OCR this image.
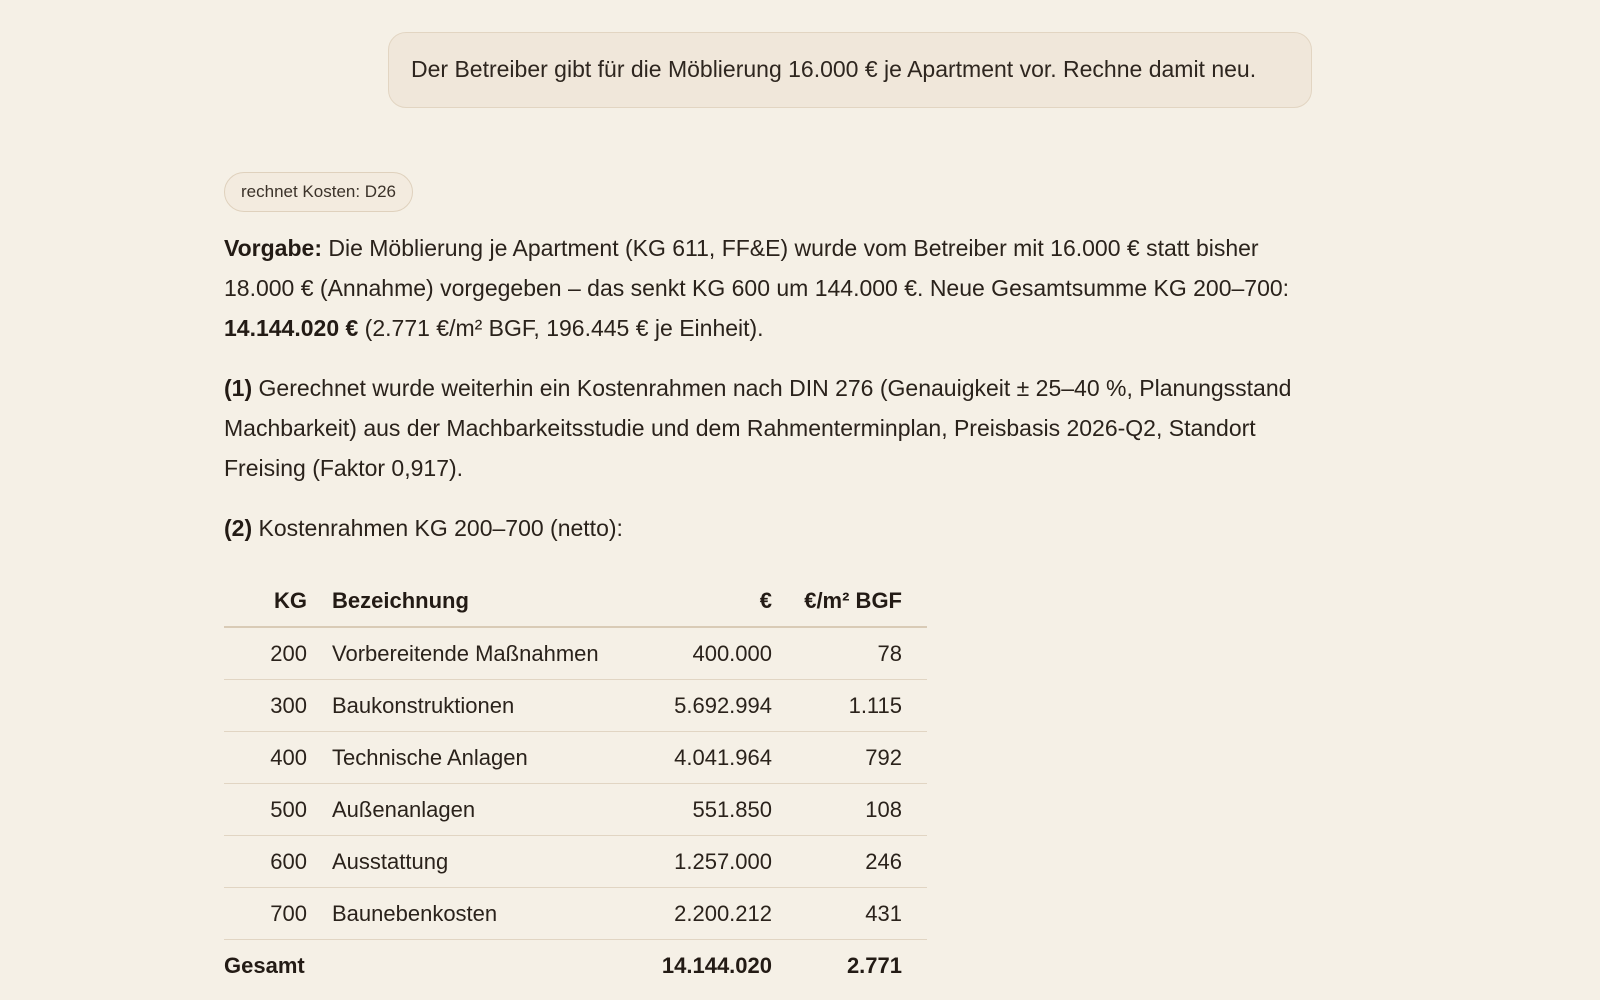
Der Betreiber gibt für die Möblierung 16.000 € je Apartment vor. Rechne damit neu.
rechnet Kosten: D26

Vorgabe: Die Möblierung je Apartment (KG 611, FF&E) wurde vom Betreiber mit 16.000 € statt bisher 18.000 € (Annahme) vorgegeben – das senkt KG 600 um 144.000 €. Neue Gesamtsumme KG 200–700: 14.144.020 € (2.771 €/m² BGF, 196.445 € je Einheit).

(1) Gerechnet wurde weiterhin ein Kostenrahmen nach DIN 276 (Genauigkeit ± 25–40 %, Planungsstand Machbarkeit) aus der Machbarkeitsstudie und dem Rahmenterminplan, Preisbasis 2026-Q2, Standort Freising (Faktor 0,917).

(2) Kostenrahmen KG 200–700 (netto):

KG	Bezeichnung	€	€/m² BGF
200	Vorbereitende Maßnahmen	400.000	78
300	Baukonstruktionen	5.692.994	1.115
400	Technische Anlagen	4.041.964	792
500	Außenanlagen	551.850	108
600	Ausstattung	1.257.000	246
700	Baunebenkosten	2.200.212	431
Gesamt		14.144.020	2.771
